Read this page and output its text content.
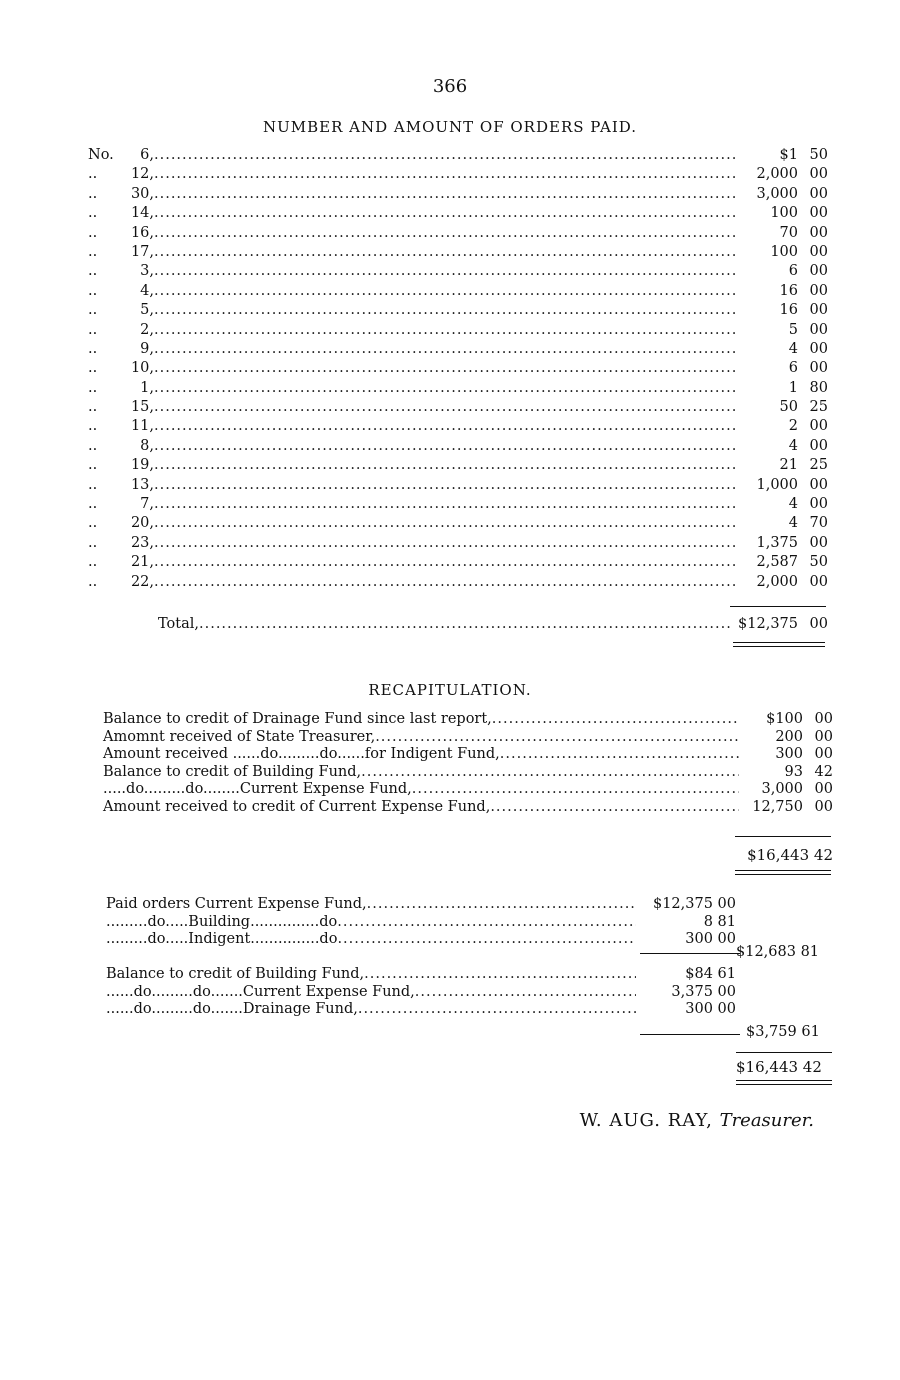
366
NUMBER AND AMOUNT OF ORDERS PAID.
No.	6, .....	$1 50
..	12, .....	2,000 00
..	30, .....	3,000 00
..	14, .....	100 00
..	16, .....	70 00
..	17, .....	100 00
..	3, .....	6 00
..	4, .....	16 00
..	5, .....	16 00
..	2, .....	5 00
..	9, .....	4 00
..	10, .....	6 00
..	1, .....	1 80
..	15, .....	50 25
..	11, .....	2 00
..	8, .....	4 00
..	19, .....	21 25
..	13, .....	1,000 00
..	7, .....	4 00
..	20, .....	4 70
..	23, .....	1,375 00
..	21, .....	2,587 50
..	22, .....	2,000 00
Total, .....	$12,375 00
RECAPITULATION.
Balance to credit of Drainage Fund since last report, .....	$100 00
Amomnt received of State Treasurer, .....	200 00
Amount received ......do.........do......for Indigent Fund, .....	300 00
Balance to credit of Building Fund, .....	93 42
.....do.........do........Current Expense Fund, .....	3,000 00
Amount received to credit of Current Expense Fund, .....	12,750 00
$16,443 42
Paid orders Current Expense Fund, .....	$12,375 00
.........do.....Building...............do .....	8 81
.........do.....Indigent...............do .....	300 00
$12,683 81
Balance to credit of Building Fund, .....	$84 61
......do.........do.......Current Expense Fund, .....	3,375 00
......do.........do.......Drainage Fund, .....	300 00
$3,759 61
$16,443 42
W. AUG. RAY, Treasurer.
